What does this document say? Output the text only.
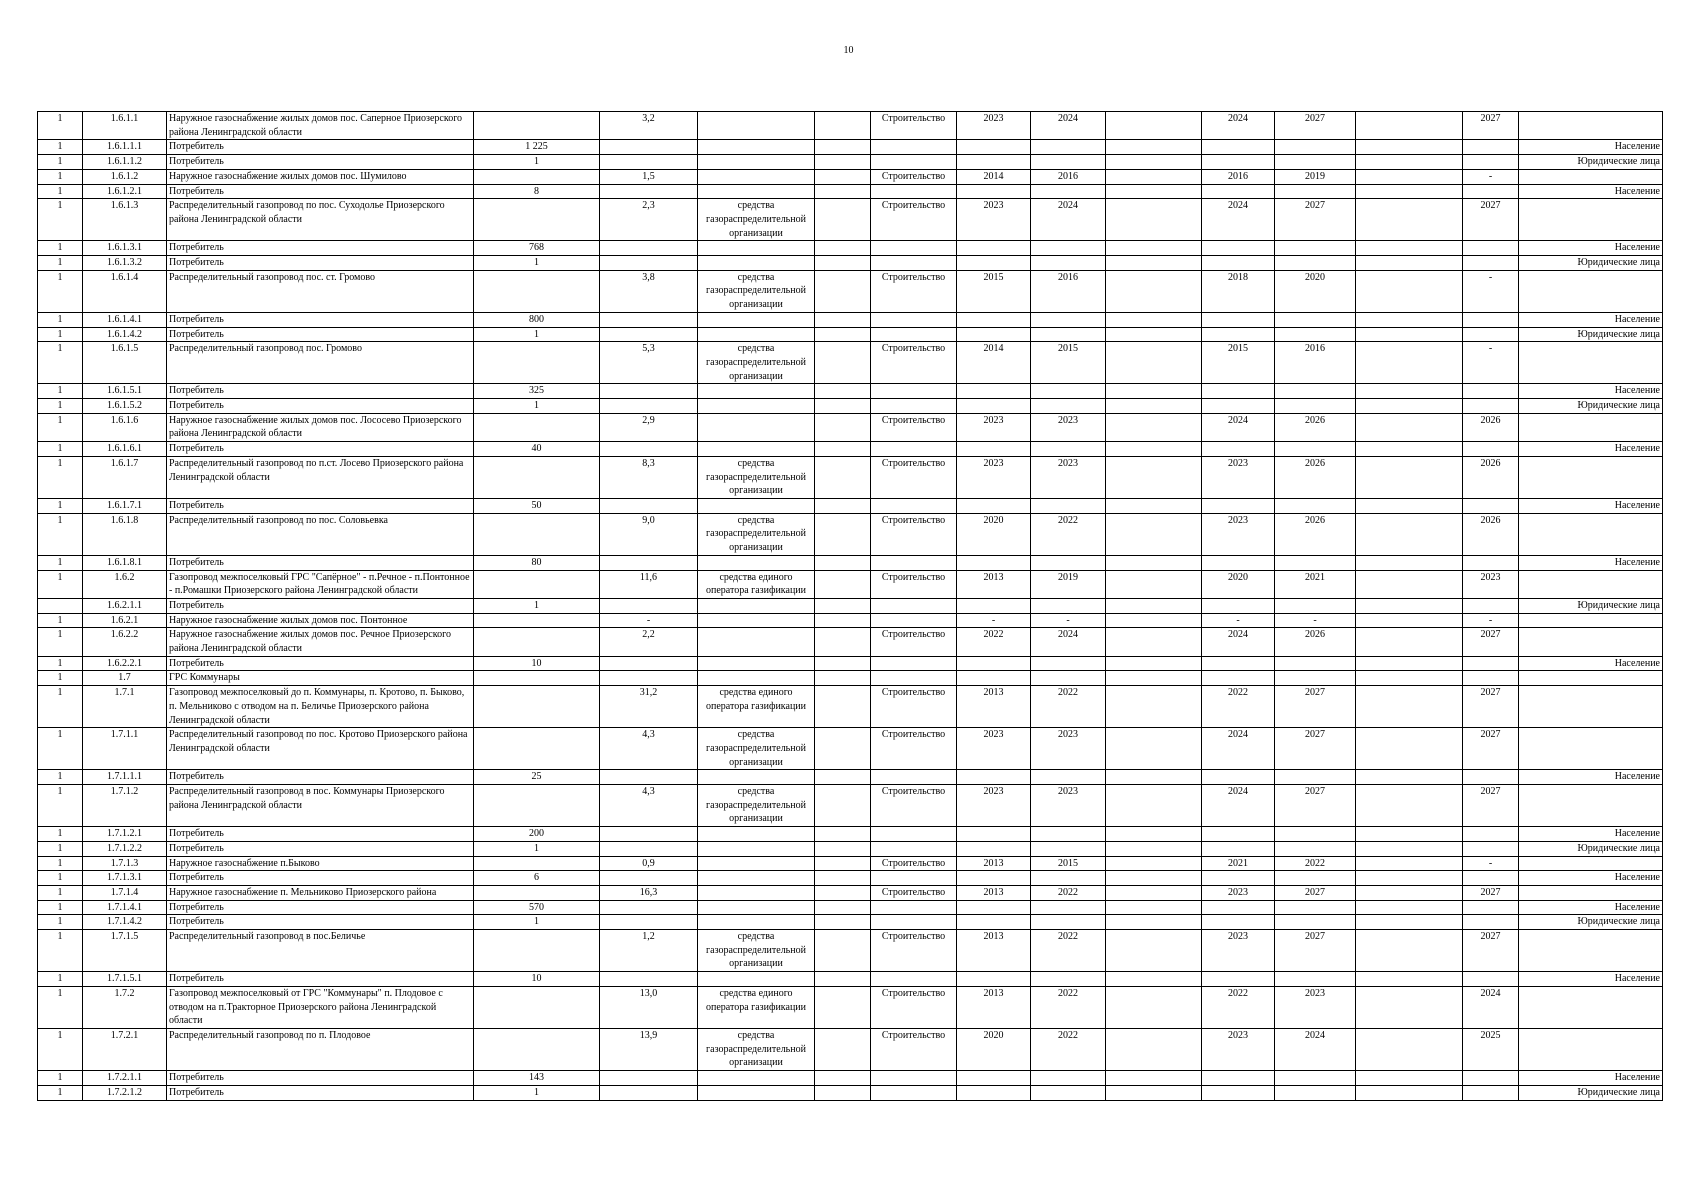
10
1	1.6.1.1	Наружное газоснабжение жилых домов пос. Саперное Приозерского района Ленинградской области		3,2			Строительство	2023	2024		2024	2027		2027	
1	1.6.1.1.1	Потребитель	1 225												Население
1	1.6.1.1.2	Потребитель	1												Юридические лица
1	1.6.1.2	Наружное газоснабжение жилых домов пос. Шумилово		1,5			Строительство	2014	2016		2016	2019		-	
1	1.6.1.2.1	Потребитель	8												Население
1	1.6.1.3	Распределительный газопровод по пос. Суходолье Приозерского района Ленинградской области		2,3	средства газораспределительной организации		Строительство	2023	2024		2024	2027		2027	
1	1.6.1.3.1	Потребитель	768												Население
1	1.6.1.3.2	Потребитель	1												Юридические лица
1	1.6.1.4	Распределительный газопровод пос. ст. Громово		3,8	средства газораспределительной организации		Строительство	2015	2016		2018	2020		-	
1	1.6.1.4.1	Потребитель	800												Население
1	1.6.1.4.2	Потребитель	1												Юридические лица
1	1.6.1.5	Распределительный газопровод пос. Громово		5,3	средства газораспределительной организации		Строительство	2014	2015		2015	2016		-	
1	1.6.1.5.1	Потребитель	325												Население
1	1.6.1.5.2	Потребитель	1												Юридические лица
1	1.6.1.6	Наружное газоснабжение жилых домов пос. Лососево Приозерского района Ленинградской области		2,9			Строительство	2023	2023		2024	2026		2026	
1	1.6.1.6.1	Потребитель	40												Население
1	1.6.1.7	Распределительный газопровод по п.ст. Лосево Приозерского района Ленинградской области		8,3	средства газораспределительной организации		Строительство	2023	2023		2023	2026		2026	
1	1.6.1.7.1	Потребитель	50												Население
1	1.6.1.8	Распределительный газопровод по пос. Соловьевка		9,0	средства газораспределительной организации		Строительство	2020	2022		2023	2026		2026	
1	1.6.1.8.1	Потребитель	80												Население
1	1.6.2	Газопровод межпоселковый ГРС "Сапёрное" - п.Речное - п.Понтонное - п.Ромашки Приозерского района Ленинградской области		11,6	средства единого оператора газификации		Строительство	2013	2019		2020	2021		2023	
	1.6.2.1.1	Потребитель	1												Юридические лица
1	1.6.2.1	Наружное газоснабжение жилых домов пос. Понтонное		-				-	-		-	-		-	
1	1.6.2.2	Наружное газоснабжение жилых домов пос. Речное Приозерского района Ленинградской области		2,2			Строительство	2022	2024		2024	2026		2027	
1	1.6.2.2.1	Потребитель	10												Население
1	1.7	ГРС Коммунары													
1	1.7.1	Газопровод межпоселковый до п. Коммунары, п. Кротово, п. Быково, п. Мельниково с отводом на п. Беличье Приозерского района Ленинградской области		31,2	средства единого оператора газификации		Строительство	2013	2022		2022	2027		2027	
1	1.7.1.1	Распределительный газопровод по пос. Кротово Приозерского района Ленинградской области		4,3	средства газораспределительной организации		Строительство	2023	2023		2024	2027		2027	
1	1.7.1.1.1	Потребитель	25												Население
1	1.7.1.2	Распределительный газопровод в пос. Коммунары Приозерского района Ленинградской области		4,3	средства газораспределительной организации		Строительство	2023	2023		2024	2027		2027	
1	1.7.1.2.1	Потребитель	200												Население
1	1.7.1.2.2	Потребитель	1												Юридические лица
1	1.7.1.3	Наружное газоснабжение п.Быково		0,9			Строительство	2013	2015		2021	2022		-	
1	1.7.1.3.1	Потребитель	6												Население
1	1.7.1.4	Наружное газоснабжение п. Мельниково Приозерского района		16,3			Строительство	2013	2022		2023	2027		2027	
1	1.7.1.4.1	Потребитель	570												Население
1	1.7.1.4.2	Потребитель	1												Юридические лица
1	1.7.1.5	Распределительный газопровод в пос.Беличье		1,2	средства газораспределительной организации		Строительство	2013	2022		2023	2027		2027	
1	1.7.1.5.1	Потребитель	10												Население
1	1.7.2	Газопровод межпоселковый от ГРС "Коммунары" п. Плодовое с отводом на п.Тракторное Приозерского района Ленинградской области		13,0	средства единого оператора газификации		Строительство	2013	2022		2022	2023		2024	
1	1.7.2.1	Распределительный газопровод по п. Плодовое		13,9	средства газораспределительной организации		Строительство	2020	2022		2023	2024		2025	
1	1.7.2.1.1	Потребитель	143												Население
1	1.7.2.1.2	Потребитель	1												Юридические лица
